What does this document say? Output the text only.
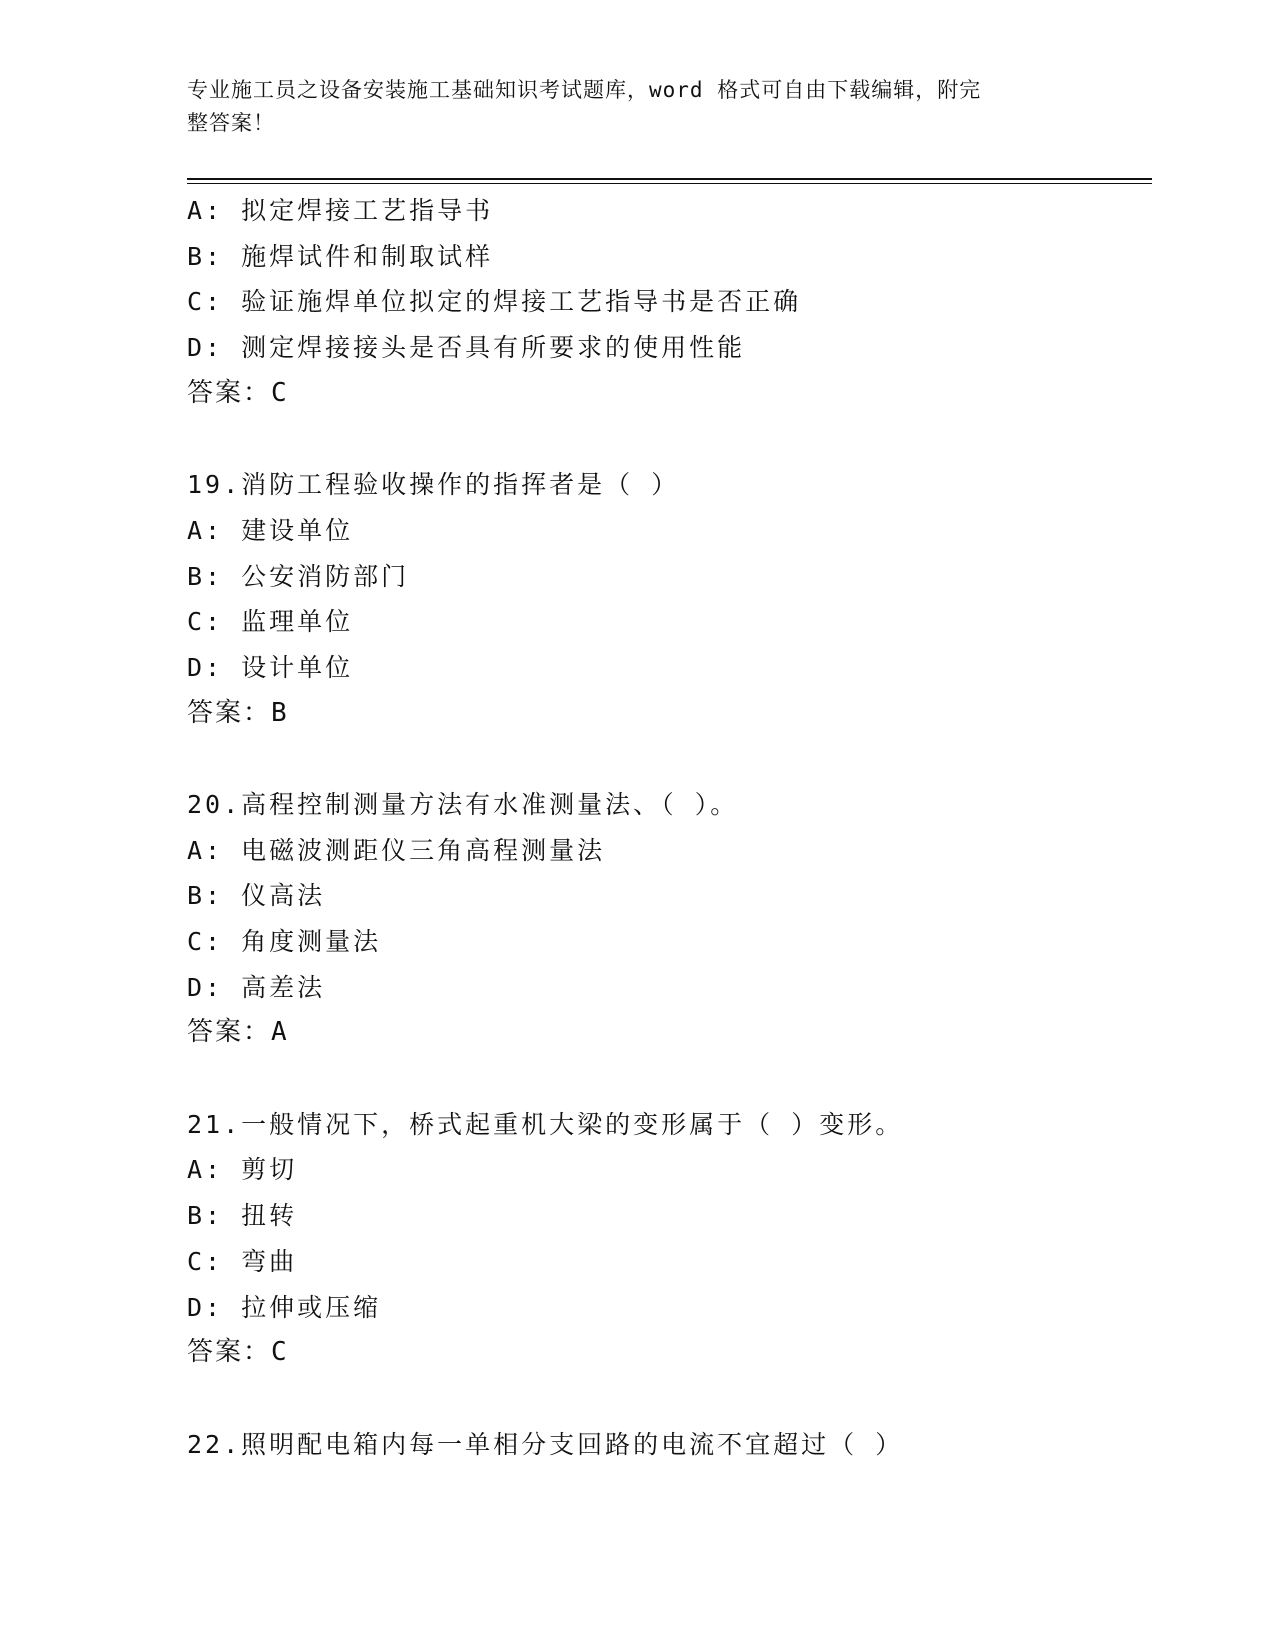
专业施工员之设备安装施工基础知识考试题库，word 格式可自由下载编辑，附完
整答案！
A: 拟定焊接工艺指导书
B: 施焊试件和制取试样
C: 验证施焊单位拟定的焊接工艺指导书是否正确
D: 测定焊接接头是否具有所要求的使用性能
答案：C
19.消防工程验收操作的指挥者是（ ）
A: 建设单位
B: 公安消防部门
C: 监理单位
D: 设计单位
答案：B
20.高程控制测量方法有水准测量法、（ ）。
A: 电磁波测距仪三角高程测量法
B: 仪高法
C: 角度测量法
D: 高差法
答案：A
21.一般情况下，桥式起重机大梁的变形属于（ ）变形。
A: 剪切
B: 扭转
C: 弯曲
D: 拉伸或压缩
答案：C
22.照明配电箱内每一单相分支回路的电流不宜超过（ ）
